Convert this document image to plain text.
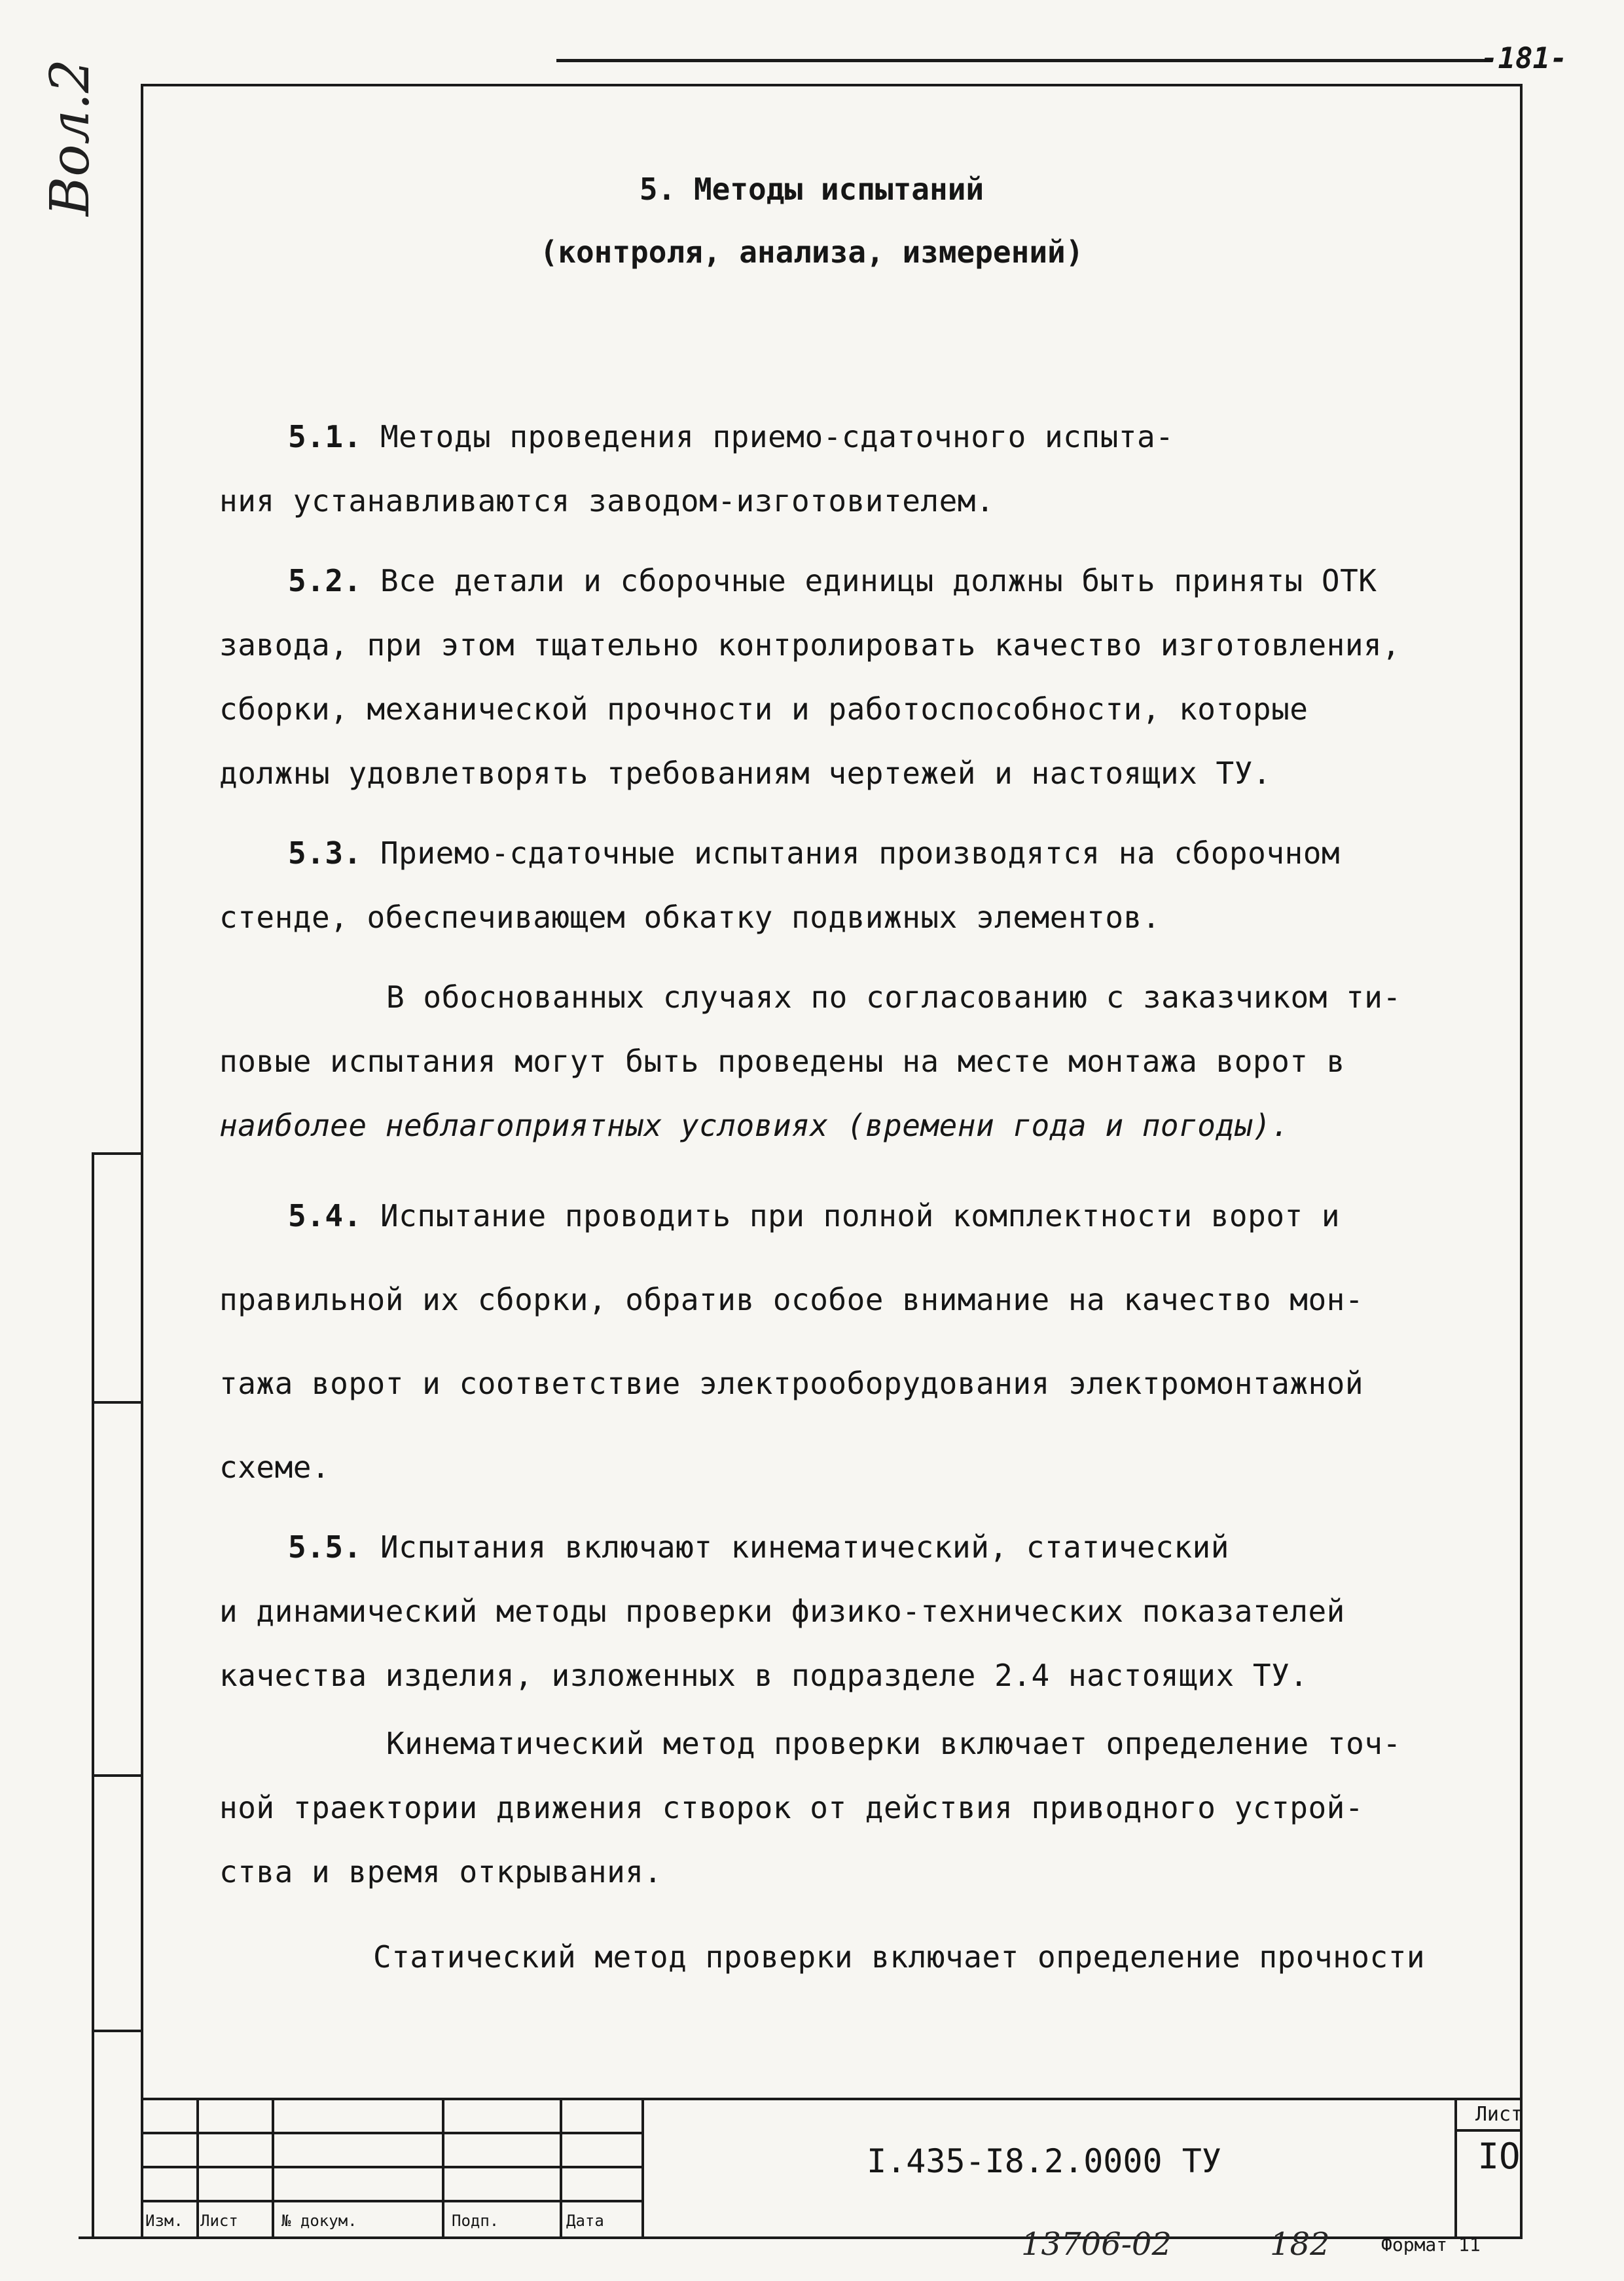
-181-
Вол.2	5. Методы испытаний
(контроля, анализа, измерений)
5.1. Методы проведения приемо-сдаточного испыта-
ния устанавливаются заводом-изготовителем.
5.2. Все детали и сборочные единицы должны быть приняты ОТК
завода, при этом тщательно контролировать качество изготовления,
сборки, механической прочности и работоспособности, которые
должны удовлетворять требованиям чертежей и настоящих ТУ.
5.3. Приемо-сдаточные испытания производятся на сборочном
стенде, обеспечивающем обкатку подвижных элементов.
В обоснованных случаях по согласованию с заказчиком ти-
повые испытания могут быть проведены на месте монтажа ворот в
наиболее неблагоприятных условиях (времени года и погоды).
5.4. Испытание проводить при полной комплектности ворот и
правильной их сборки, обратив особое внимание на качество мон-
тажа ворот и соответствие электрооборудования электромонтажной
схеме.
5.5. Испытания включают кинематический, статический
и динамический методы проверки физико-технических показателей
качества изделия, изложенных в подразделе 2.4 настоящих ТУ.
Кинематический метод проверки включает определение точ-
ной траектории движения створок от действия приводного устрой-
ства и время открывания.
Статический метод проверки включает определение прочности
Изм. Лист	№ докум.	Подп.	Дата
I.435-I8.2.0000 ТУ
Лист
IO
13706-02	182	Формат 11
